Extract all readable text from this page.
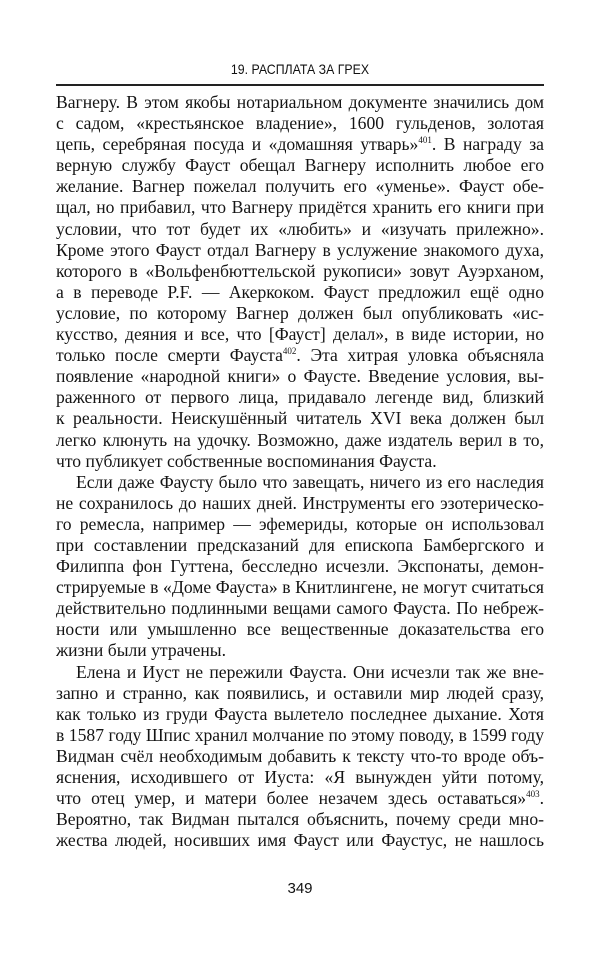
19. РАСПЛАТА ЗА ГРЕХ
Вагнеру. В этом якобы нотариальном документе значились дом
с садом, «крестьянское владение», 1600 гульденов, золотая
цепь, серебряная посуда и «домашняя утварь»$^{401}$. В награду за
верную службу Фауст обещал Вагнеру исполнить любое его
желание. Вагнер пожелал получить его «уменье». Фауст обе-
щал, но прибавил, что Вагнеру придётся хранить его книги при
условии, что тот будет их «любить» и «изучать прилежно».
Кроме этого Фауст отдал Вагнеру в услужение знакомого духа,
которого в «Вольфенбюттельской рукописи» зовут Ауэрханом,
а в переводе P.F. — Акеркоком. Фауст предложил ещё одно
условие, по которому Вагнер должен был опубликовать «ис-
кусство, деяния и все, что [Фауст] делал», в виде истории, но
только после смерти Фауста$^{402}$. Эта хитрая уловка объясняла
появление «народной книги» о Фаусте. Введение условия, вы-
раженного от первого лица, придавало легенде вид, близкий
к реальности. Неискушённый читатель XVI века должен был
легко клюнуть на удочку. Возможно, даже издатель верил в то,
что публикует собственные воспоминания Фауста.
Если даже Фаусту было что завещать, ничего из его наследия
не сохранилось до наших дней. Инструменты его эзотерическо-
го ремесла, например — эфемериды, которые он использовал
при составлении предсказаний для епископа Бамбергского и
Филиппа фон Гуттена, бесследно исчезли. Экспонаты, демон-
стрируемые в «Доме Фауста» в Книтлингене, не могут считаться
действительно подлинными вещами самого Фауста. По небреж-
ности или умышленно все вещественные доказательства его
жизни были утрачены.
Елена и Иуст не пережили Фауста. Они исчезли так же вне-
запно и странно, как появились, и оставили мир людей сразу,
как только из груди Фауста вылетело последнее дыхание. Хотя
в 1587 году Шпис хранил молчание по этому поводу, в 1599 году
Видман счёл необходимым добавить к тексту что-то вроде объ-
яснения, исходившего от Иуста: «Я вынужден уйти потому,
что отец умер, и матери более незачем здесь оставаться»$^{403}$.
Вероятно, так Видман пытался объяснить, почему среди мно-
жества людей, носивших имя Фауст или Фаустус, не нашлось
349
